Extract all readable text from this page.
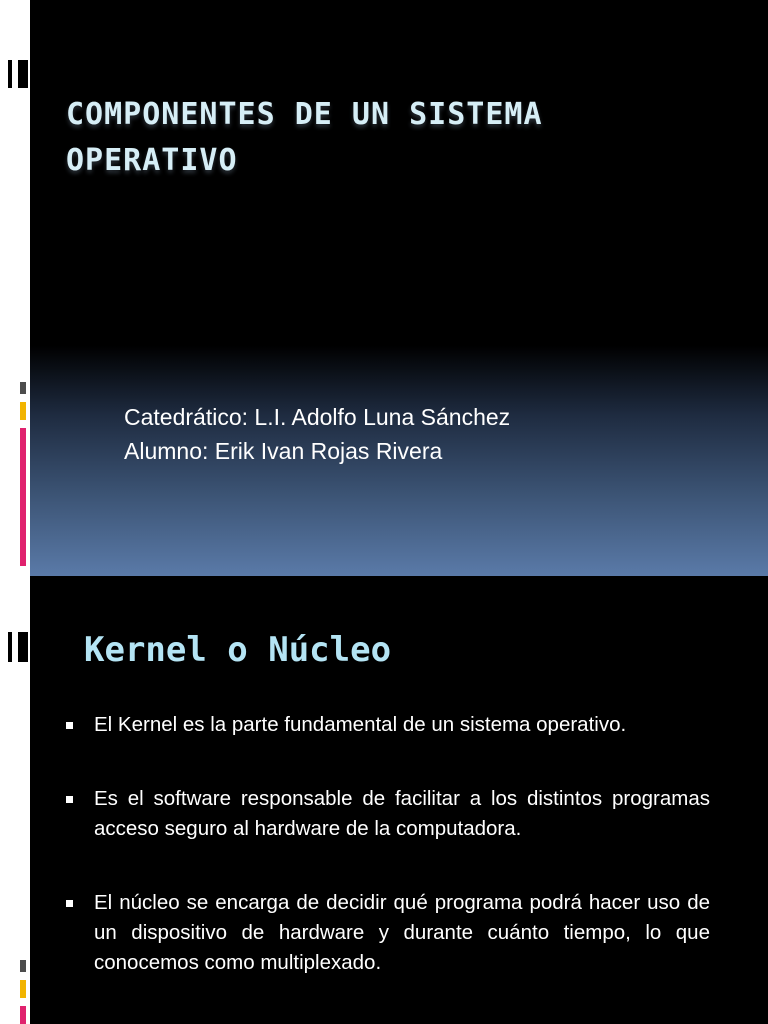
COMPONENTES DE UN SISTEMA
OPERATIVO
Catedrático: L.I. Adolfo Luna Sánchez
Alumno: Erik Ivan Rojas Rivera
Kernel o Núcleo
El Kernel es la parte fundamental de un sistema operativo.
Es el software responsable de facilitar a los distintos programas acceso seguro al hardware de la computadora.
El núcleo se encarga de decidir qué programa podrá hacer uso de un dispositivo de hardware y durante cuánto tiempo, lo que conocemos como multiplexado.
